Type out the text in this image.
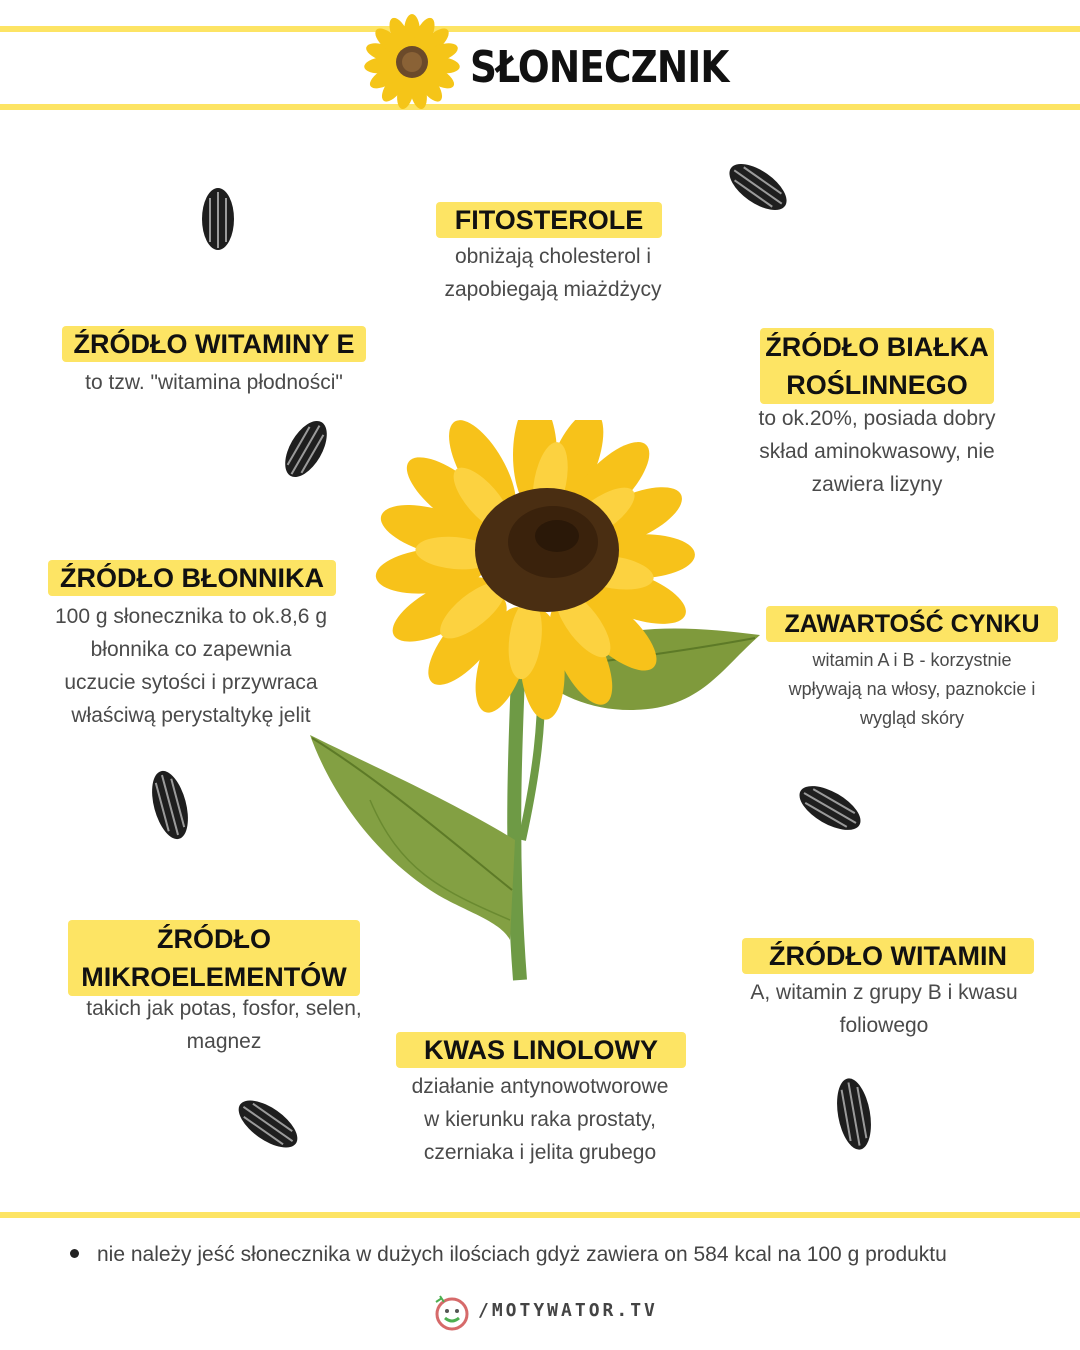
SŁONECZNIK
FITOSTEROLE
obniżają cholesterol i
zapobiegają miażdżycy
ŹRÓDŁO WITAMINY E
to tzw. "witamina płodności"
ŹRÓDŁO BIAŁKA
ROŚLINNEGO
to ok.20%, posiada dobry
skład aminokwasowy, nie
zawiera lizyny
ŹRÓDŁO BŁONNIKA
100 g słonecznika to ok.8,6 g
błonnika co zapewnia
uczucie sytości i przywraca
właściwą perystaltykę jelit
ZAWARTOŚĆ CYNKU
witamin A i B - korzystnie
wpływają na włosy, paznokcie i
wygląd skóry
ŹRÓDŁO
MIKROELEMENTÓW
takich jak potas, fosfor, selen,
magnez
ŹRÓDŁO WITAMIN
A, witamin z grupy B i kwasu
foliowego
KWAS LINOLOWY
działanie antynowotworowe
w kierunku raka prostaty,
czerniaka i jelita grubego
nie należy jeść słonecznika w dużych ilościach gdyż zawiera on 584 kcal na 100 g produktu
/MOTYWATOR.TV
